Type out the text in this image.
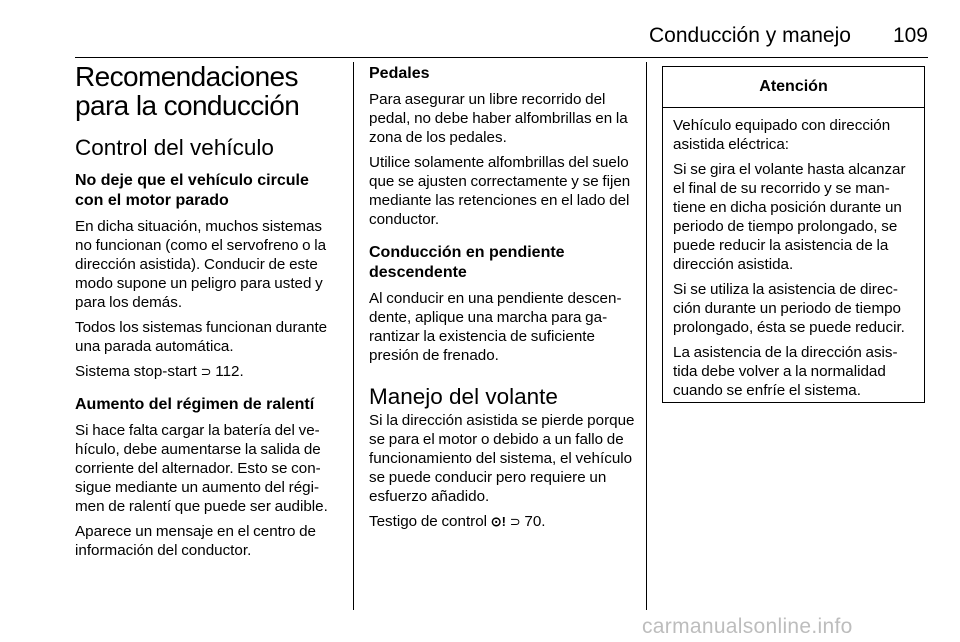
Conducción y manejo 109
Recomendaciones para la conducción
Control del vehículo
No deje que el vehículo circule con el motor parado

En dicha situación, muchos sistemas no funcionan (como el servofreno o la dirección asistida). Conducir de este modo supone un peligro para usted y para los demás.

Todos los sistemas funcionan durante una parada automática.

Sistema stop-start ⊃ 112.

Aumento del régimen de ralentí

Si hace falta cargar la batería del vehículo, debe aumentarse la salida de corriente del alternador. Esto se consigue mediante un aumento del régimen de ralentí que puede ser audible.

Aparece un mensaje en el centro de información del conductor.

Pedales

Para asegurar un libre recorrido del pedal, no debe haber alfombrillas en la zona de los pedales.

Utilice solamente alfombrillas del suelo que se ajusten correctamente y se fijen mediante las retenciones en el lado del conductor.

Conducción en pendiente descendente

Al conducir en una pendiente descendente, aplique una marcha para garantizar la existencia de suficiente presión de frenado.

Manejo del volante

Si la dirección asistida se pierde porque se para el motor o debido a un fallo de funcionamiento del sistema, el vehículo se puede conducir pero requiere un esfuerzo añadido.

Testigo de control ⊙! ⊃ 70.

Atención

Vehículo equipado con dirección asistida eléctrica:

Si se gira el volante hasta alcanzar el final de su recorrido y se mantiene en dicha posición durante un periodo de tiempo prolongado, se puede reducir la asistencia de la dirección asistida.

Si se utiliza la asistencia de dirección durante un periodo de tiempo prolongado, ésta se puede reducir.

La asistencia de la dirección asistida debe volver a la normalidad cuando se enfríe el sistema.

carmanualsonline.info
